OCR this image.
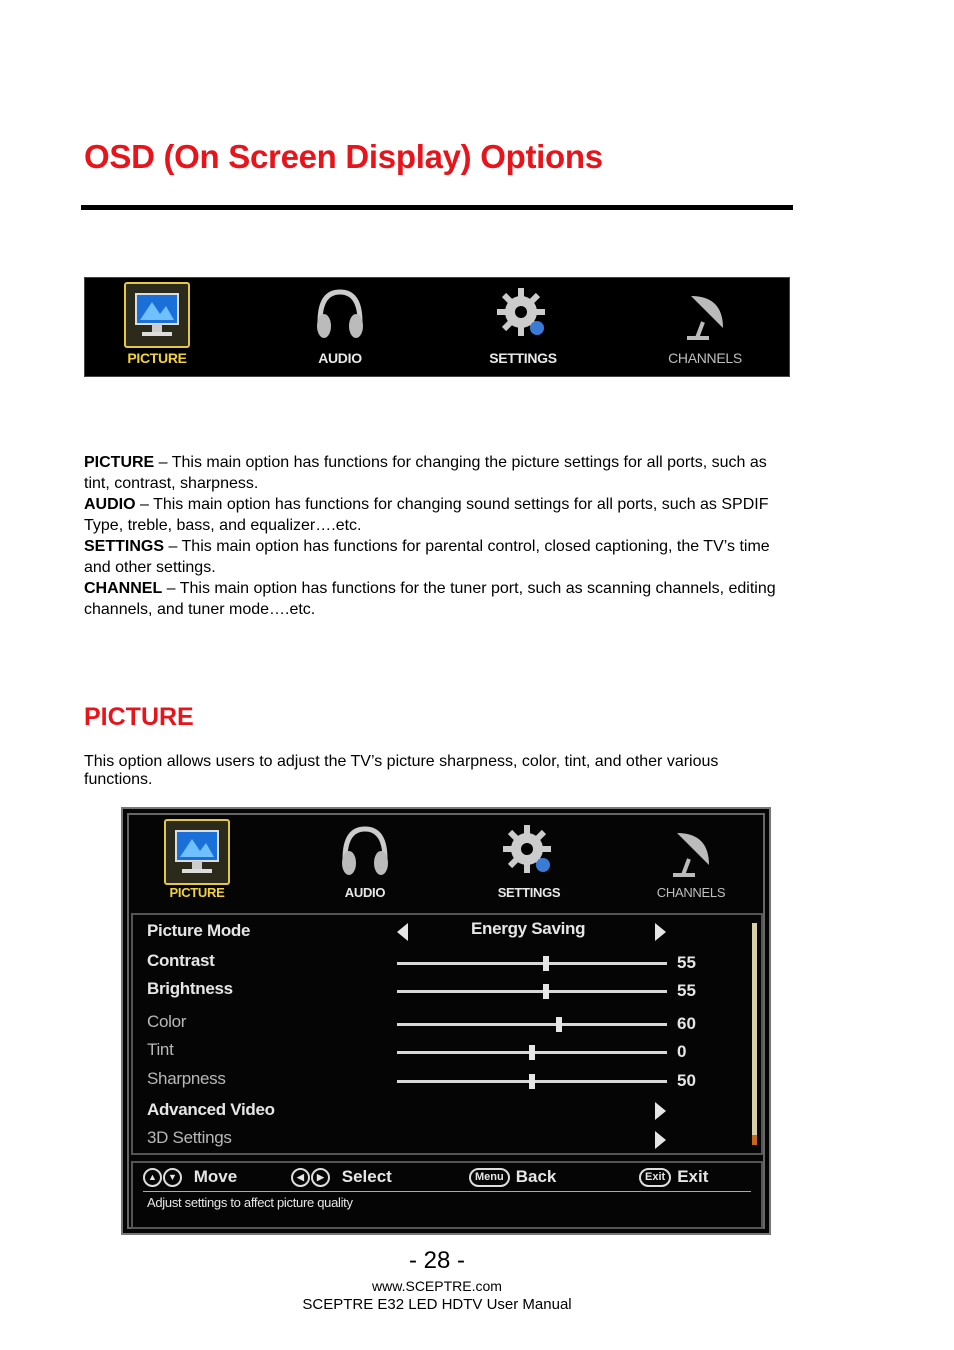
OSD (On Screen Display) Options
PICTURE	AUDIO	SETTINGS	CHANNELS

PICTURE – This main option has functions for changing the picture settings for all ports, such as tint, contrast, sharpness.

AUDIO – This main option has functions for changing sound settings for all ports, such as SPDIF Type, treble, bass, and equalizer….etc.

SETTINGS – This main option has functions for parental control, closed captioning, the TV’s time and other settings.

CHANNEL – This main option has functions for the tuner port, such as scanning channels, editing channels, and tuner mode….etc.

PICTURE
This option allows users to adjust the TV’s picture sharpness, color, tint, and other various functions.
PICTURE	AUDIO	SETTINGS	CHANNELS
Picture Mode	Energy Saving
Contrast	55
Brightness	55
Color	60
Tint	0
Sharpness	50
Advanced Video
3D Settings
▲ ▼ Move	◀ ▶ Select	Menu Back	Exit Exit
Adjust settings to affect picture quality
- 28 -
www.SCEPTRE.com
SCEPTRE E32 LED HDTV User Manual
